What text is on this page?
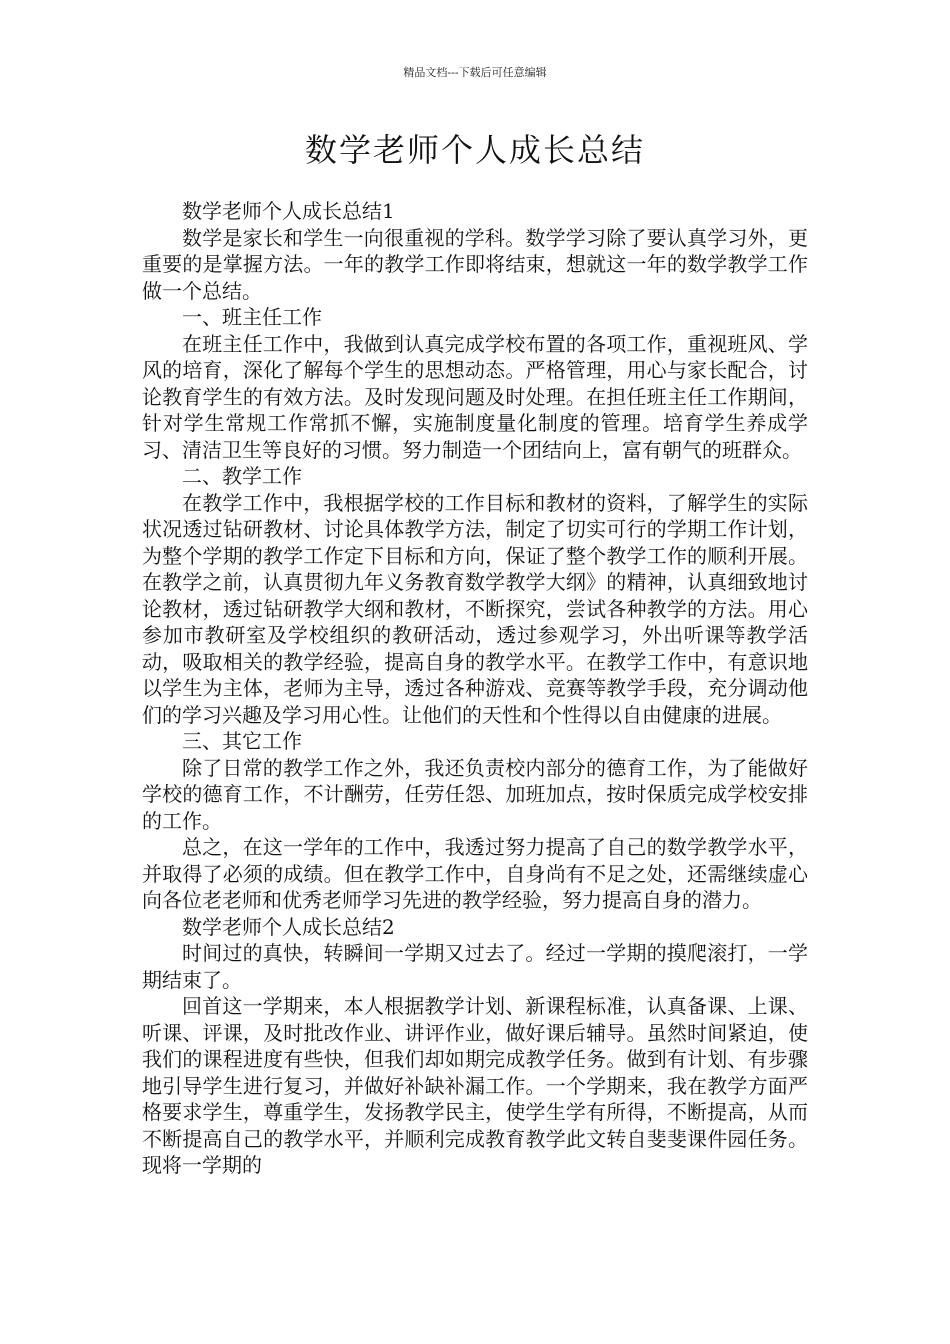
精品文档---下载后可任意编辑
数学老师个人成长总结

数学老师个人成长总结1

数学是家长和学生一向很重视的学科。数学学习除了要认真学习外，更重要的是掌握方法。一年的教学工作即将结束，想就这一年的数学教学工作做一个总结。

一、班主任工作

在班主任工作中，我做到认真完成学校布置的各项工作，重视班风、学风的培育，深化了解每个学生的思想动态。严格管理，用心与家长配合，讨论教育学生的有效方法。及时发现问题及时处理。在担任班主任工作期间，针对学生常规工作常抓不懈，实施制度量化制度的管理。培育学生养成学习、清洁卫生等良好的习惯。努力制造一个团结向上，富有朝气的班群众。

二、教学工作

在教学工作中，我根据学校的工作目标和教材的资料，了解学生的实际状况透过钻研教材、讨论具体教学方法，制定了切实可行的学期工作计划，为整个学期的教学工作定下目标和方向，保证了整个教学工作的顺利开展。在教学之前，认真贯彻九年义务教育数学教学大纲》的精神，认真细致地讨论教材，透过钻研教学大纲和教材，不断探究，尝试各种教学的方法。用心参加市教研室及学校组织的教研活动，透过参观学习，外出听课等教学活动，吸取相关的教学经验，提高自身的教学水平。在教学工作中，有意识地以学生为主体，老师为主导，透过各种游戏、竞赛等教学手段，充分调动他们的学习兴趣及学习用心性。让他们的天性和个性得以自由健康的进展。

三、其它工作

除了日常的教学工作之外，我还负责校内部分的德育工作，为了能做好学校的德育工作，不计酬劳，任劳任怨、加班加点，按时保质完成学校安排的工作。

总之，在这一学年的工作中，我透过努力提高了自己的数学教学水平，并取得了必须的成绩。但在教学工作中，自身尚有不足之处，还需继续虚心向各位老老师和优秀老师学习先进的教学经验，努力提高自身的潜力。

数学老师个人成长总结2

时间过的真快，转瞬间一学期又过去了。经过一学期的摸爬滚打，一学期结束了。

回首这一学期来，本人根据教学计划、新课程标准，认真备课、上课、听课、评课，及时批改作业、讲评作业，做好课后辅导。虽然时间紧迫，使我们的课程进度有些快，但我们却如期完成教学任务。做到有计划、有步骤地引导学生进行复习，并做好补缺补漏工作。一个学期来，我在教学方面严格要求学生，尊重学生，发扬教学民主，使学生学有所得，不断提高，从而不断提高自己的教学水平，并顺利完成教育教学此文转自斐斐课件园任务。现将一学期的
